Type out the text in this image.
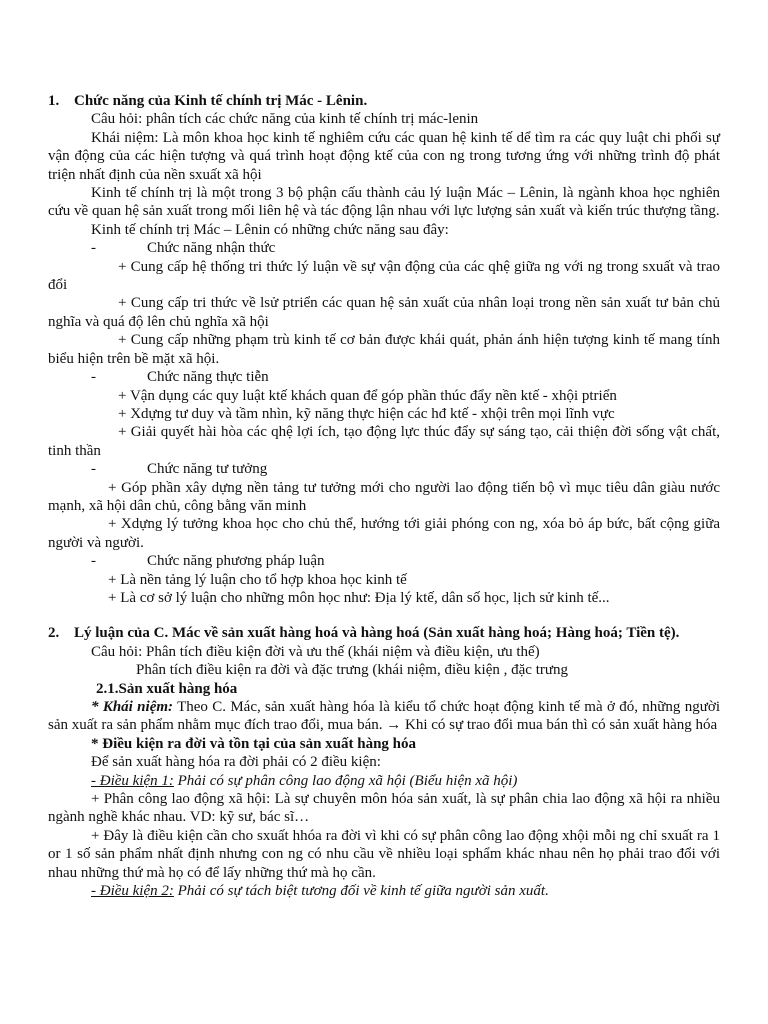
1. Chức năng của Kinh tế chính trị Mác - Lênin.

Câu hỏi: phân tích các chức năng của kinh tế chính trị mác-lenin

Khái niệm: Là môn khoa học kinh tế nghiêm cứu các quan hệ kinh tế dể tìm ra các quy luật chi phối sự vận động của các hiện tượng và quá trình hoạt động ktế của con ng trong tương ứng với những trình độ phát triện nhất định của nền sxuất xã hội

Kinh tế chính trị là một trong 3 bộ phận cấu thành cảu lý luận Mác – Lênin, là ngành khoa học nghiên cứu về quan hệ sản xuất trong mối liên hệ và tác động lận nhau với lực lượng sản xuất và kiến trúc thượng tầng.

Kinh tế chính trị Mác – Lênin có những chức năng sau đây:

-	Chức năng nhận thức

+ Cung cấp hệ thống tri thức lý luận về sự vận động của các qhệ giữa ng với ng trong sxuất và trao đổi

+ Cung cấp tri thức về lsử ptriển các quan hệ sản xuất của nhân loại trong nền sản xuất tư bản chủ nghĩa và quá độ lên chủ nghĩa xã hội

+ Cung cấp những phạm trù kinh tế cơ bản được khái quát, phản ánh hiện tượng kinh tế mang tính biểu hiện trên bề mặt xã hội.

-	Chức năng thực tiễn

+ Vận dụng các quy luật ktế khách quan để góp phần thúc đẩy nền ktế - xhội ptriển

+ Xdựng tư duy và tầm nhìn, kỹ năng thực hiện các hđ ktế - xhội trên mọi lĩnh vực

+ Giải quyết hài hòa các qhệ lợi ích, tạo động lực thúc đẩy sự sáng tạo, cải thiện đời sống vật chất, tinh thần

-	Chức năng tư tưởng

+ Góp phần xây dựng nền tảng tư tưởng mới cho người lao động tiến bộ vì mục tiêu dân giàu nước mạnh, xã hội dân chủ, công bằng văn minh

+ Xdựng lý tưởng khoa học cho chủ thể, hướng tới giải phóng con ng, xóa bỏ áp bức, bất cộng giữa người và người.

-	Chức năng phương pháp luận

+ Là nền tảng lý luận cho tổ hợp khoa học kinh tế

+ Là cơ sở lý luận cho những môn học như: Địa lý ktế, dân số học, lịch sử kinh tế...

2. Lý luận của C. Mác về sản xuất hàng hoá và hàng hoá (Sản xuất hàng hoá; Hàng hoá; Tiền tệ).

Câu hỏi: Phân tích điều kiện đời và ưu thế (khái niệm và điều kiện, ưu thế)

Phân tích điều kiện ra đời và đặc trưng (khái niệm, điều kiện , đặc trưng

2.1.Sản xuất hàng hóa

* Khái niệm: Theo C. Mác, sản xuất hàng hóa là kiểu tổ chức hoạt động kinh tế mà ở đó, những người sản xuất ra sản phẩm nhằm mục đích trao đổi, mua bán. → Khi có sự trao đổi mua bán thì có sản xuất hàng hóa

* Điều kiện ra đời và tồn tại của sản xuất hàng hóa

Để sản xuất hàng hóa ra đời phải có 2 điều kiện:

- Điều kiện 1: Phải có sự phân công lao động xã hội (Biểu hiện xã hội)

+ Phân công lao động xã hội: Là sự chuyên môn hóa sản xuất, là sự phân chia lao động xã hội ra nhiều ngành nghề khác nhau. VD: kỹ sư, bác sĩ…

+ Đây là điều kiện cần cho sxuất hhóa ra đời vì khi có sự phân công lao động xhội mỗi ng chỉ sxuất ra 1 or 1 số sản phẩm nhất định nhưng con ng có nhu cầu về nhiều loại sphẩm khác nhau nên họ phải trao đổi với nhau những thứ mà họ có để lấy những thứ mà họ cần.

- Điều kiện 2: Phải có sự tách biệt tương đối về kinh tế giữa người sản xuất.
